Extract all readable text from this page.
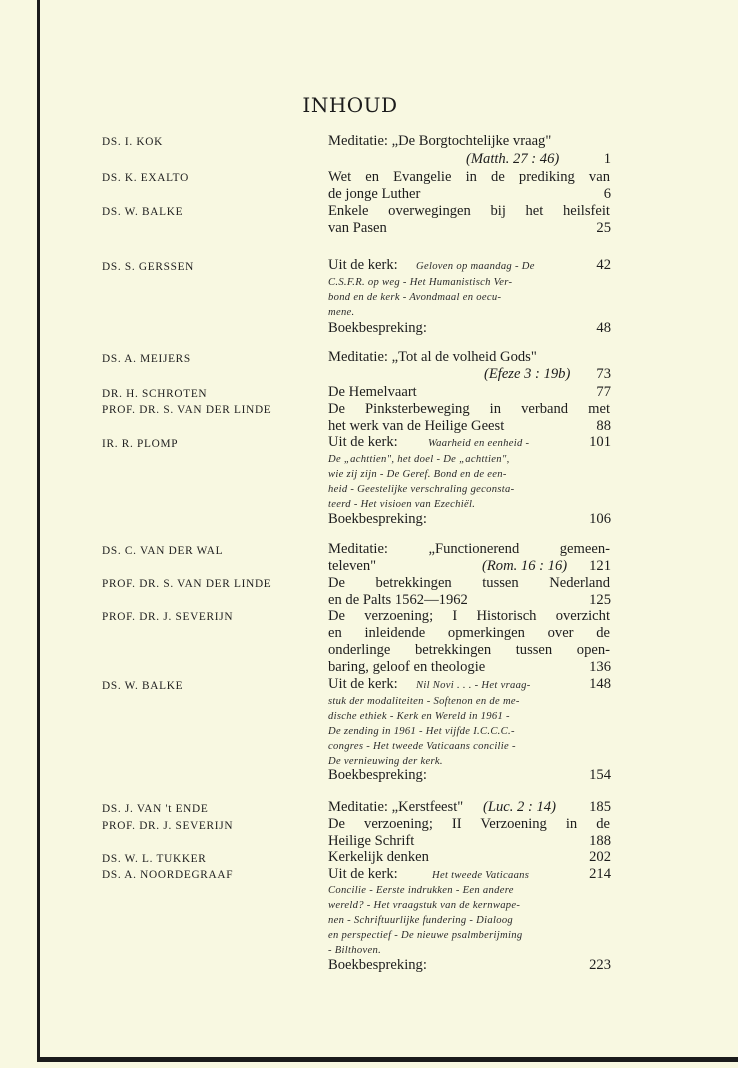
INHOUD
DS. I. KOK	Meditatie: „De Borgtochtelijke vraag"
(Matth. 27 : 46)	1
DS. K. EXALTO	Wet en Evangelie in de prediking van
de jonge Luther	6
DS. W. BALKE	Enkele overwegingen bij het heilsfeit
van Pasen	25
DS. S. GERSSEN	Uit de kerk: Geloven op maandag - De
C.S.F.R. op weg - Het Humanistisch Ver-
bond en de kerk - Avondmaal en oecu-
mene.
42
Boekbespreking:	48
DS. A. MEIJERS	Meditatie: „Tot al de volheid Gods"
(Efeze 3 : 19b) 73
DR. H. SCHROTEN	De Hemelvaart	77
PROF. DR. S. VAN DER LINDE	De Pinksterbeweging in verband met
het werk van de Heilige Geest	88
IR. R. PLOMP	Uit de kerk:	Waarheid en eenheid -
De „achttien", het doel - De „achttien",
wie zij zijn - De Geref. Bond en de een-
heid - Geestelijke verschraling geconsta-
teerd - Het visioen van Ezechiël.
101
Boekbespreking:	106
DS. C. VAN DER WAL	Meditatie: „Functionerend gemeen-
televen"	(Rom. 16 : 16) 121
PROF. DR. S. VAN DER LINDE	De betrekkingen tussen Nederland
en de Palts 1562—1962	125
PROF. DR. J. SEVERIJN	De verzoening; I Historisch overzicht
en inleidende opmerkingen over de
onderlinge betrekkingen tussen open-
baring, geloof en theologie	136
DS. W. BALKE	Uit de kerk: Nil Novi . . . - Het vraag-
stuk der modaliteiten - Softenon en de me-
dische ethiek - Kerk en Wereld in 1961 -
De zending in 1961 - Het vijfde I.C.C.C.-
congres - Het tweede Vaticaans concilie -
De vernieuwing der kerk.
148
Boekbespreking:	154
DS. J. VAN 't ENDE	Meditatie: „Kerstfeest" (Luc. 2 : 14) 185
PROF. DR. J. SEVERIJN	De verzoening; II Verzoening in de
Heilige Schrift	188
DS. W. L. TUKKER	Kerkelijk denken	202
DS. A. NOORDEGRAAF	Uit de kerk:	Het tweede Vaticaans
Concilie - Eerste indrukken - Een andere
wereld? - Het vraagstuk van de kernwape-
nen - Schriftuurlijke fundering - Dialoog
en perspectief - De nieuwe psalmberijming
- Bilthoven.
214
Boekbespreking:	223
